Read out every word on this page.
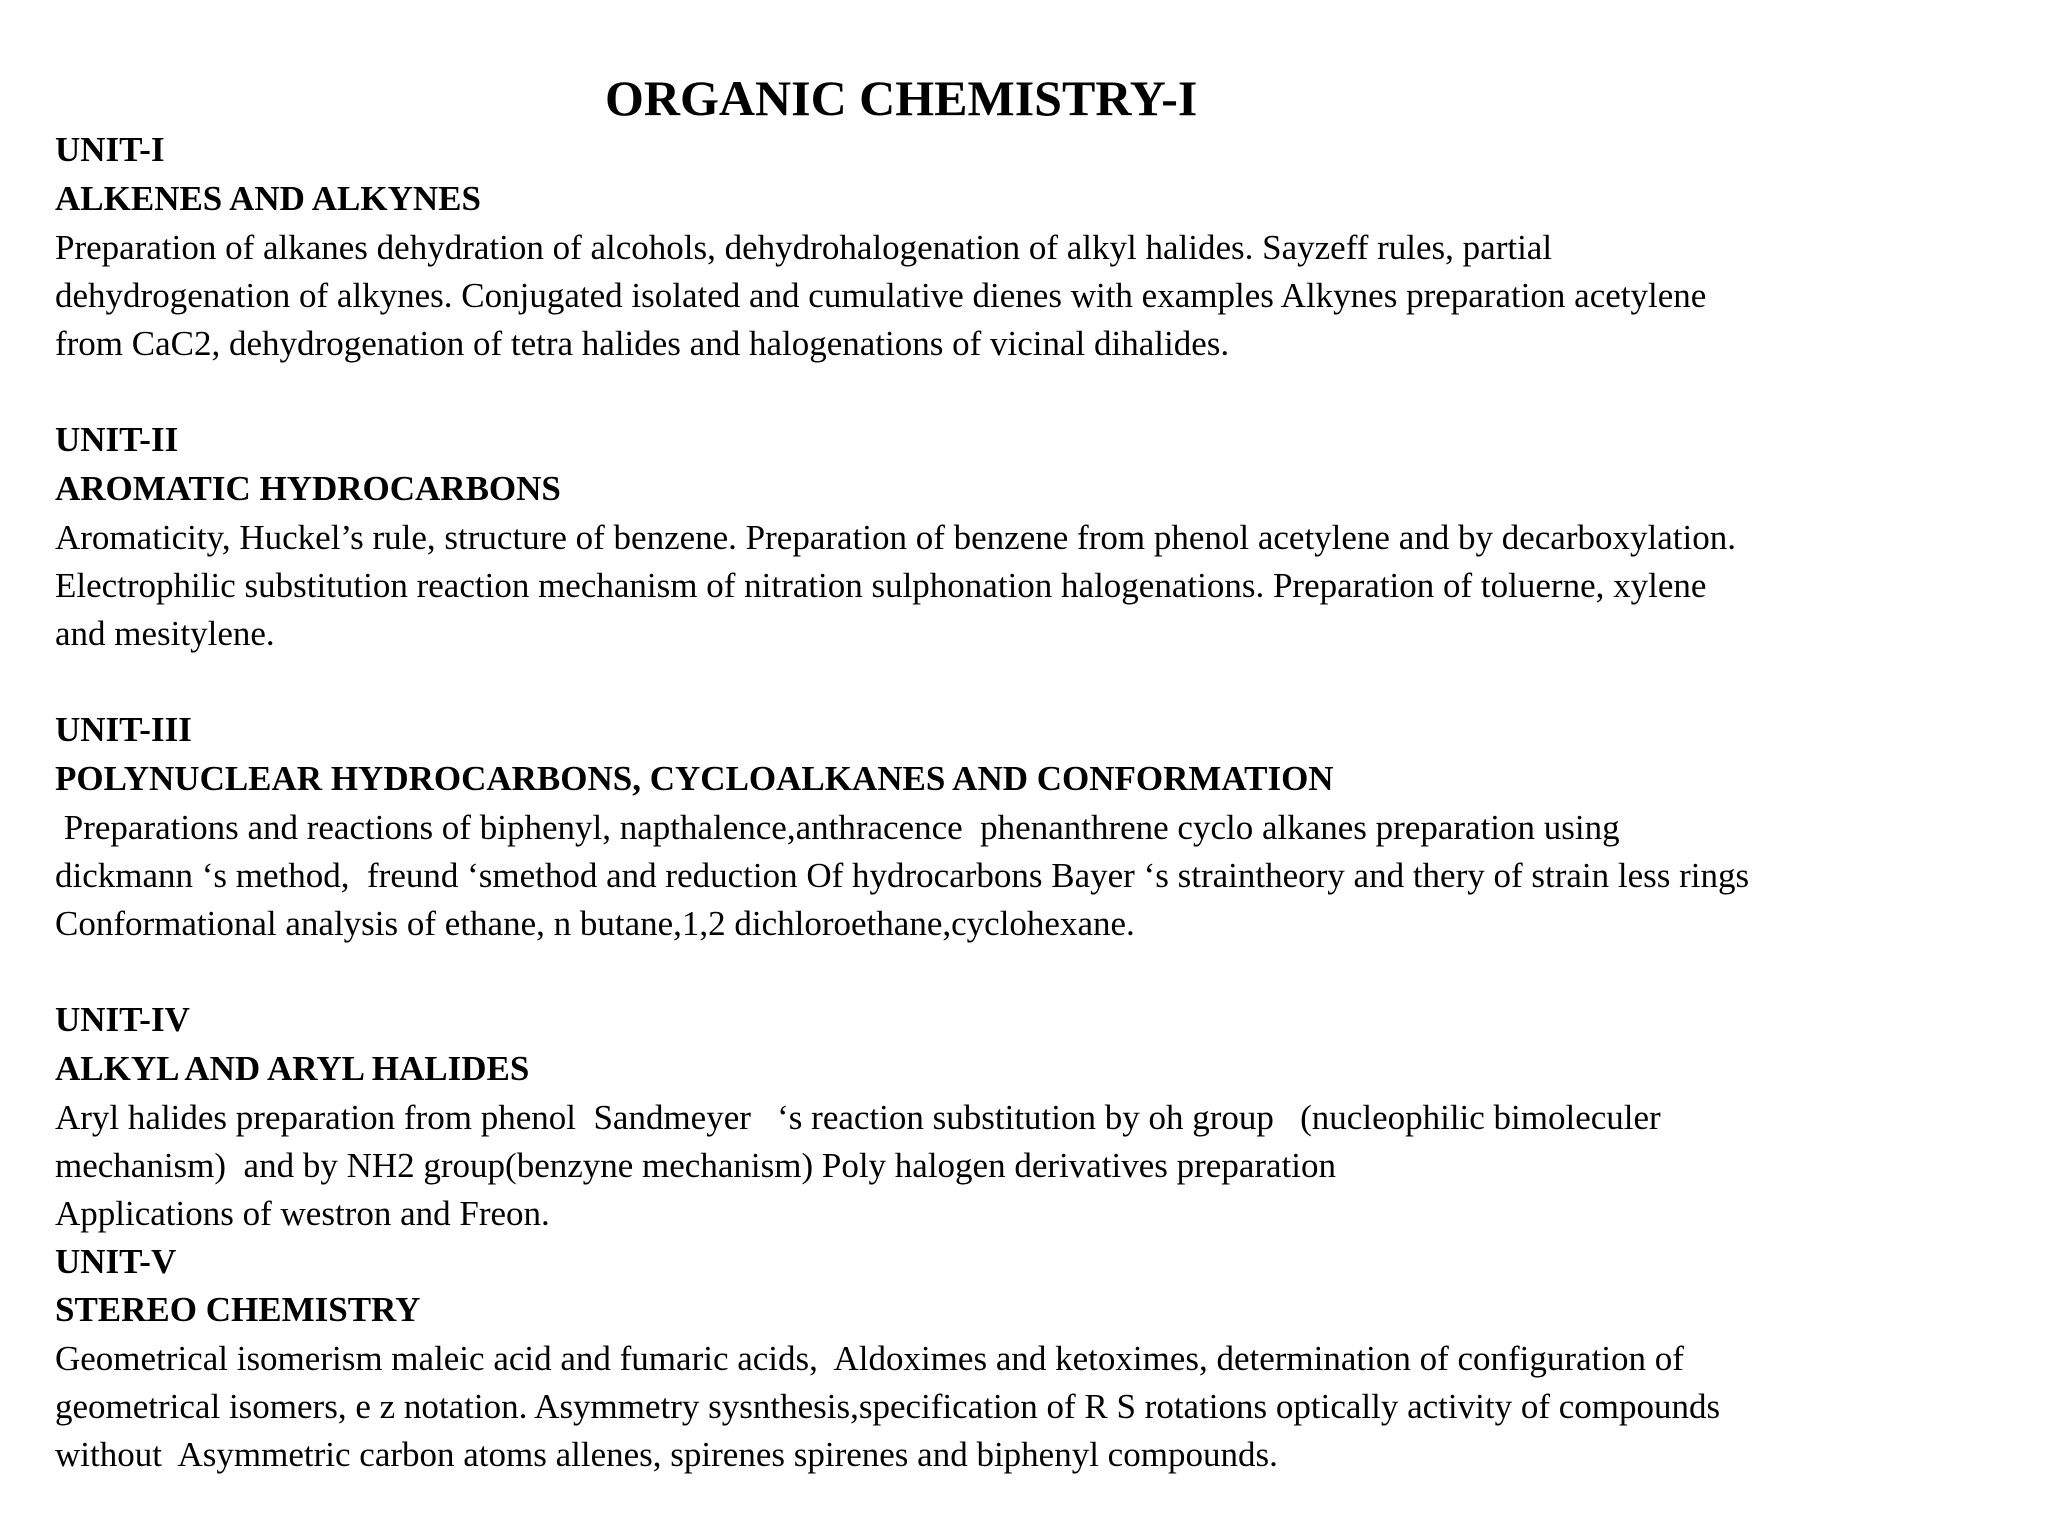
ORGANIC CHEMISTRY-I

UNIT-I

ALKENES AND ALKYNES

Preparation of alkanes dehydration of alcohols, dehydrohalogenation of alkyl halides. Sayzeff rules, partial

dehydrogenation of alkynes. Conjugated isolated and cumulative dienes with examples Alkynes preparation acetylene

from CaC2, dehydrogenation of tetra halides and halogenations of vicinal dihalides.

UNIT-II

AROMATIC HYDROCARBONS

Aromaticity, Huckel’s rule, structure of benzene. Preparation of benzene from phenol acetylene and by decarboxylation.

Electrophilic substitution reaction mechanism of nitration sulphonation halogenations. Preparation of toluerne, xylene

and mesitylene.

UNIT-III

POLYNUCLEAR HYDROCARBONS, CYCLOALKANES AND CONFORMATION

Preparations and reactions of biphenyl, napthalence,anthracence  phenanthrene cyclo alkanes preparation using

dickmann ‘s method,  freund ‘smethod and reduction Of hydrocarbons Bayer ‘s straintheory and thery of strain less rings

Conformational analysis of ethane, n butane,1,2 dichloroethane,cyclohexane.

UNIT-IV

ALKYL AND ARYL HALIDES

Aryl halides preparation from phenol  Sandmeyer   ‘s reaction substitution by oh group   (nucleophilic bimoleculer

mechanism)  and by NH2 group(benzyne mechanism) Poly halogen derivatives preparation

Applications of westron and Freon.

UNIT-V

STEREO CHEMISTRY

Geometrical isomerism maleic acid and fumaric acids,  Aldoximes and ketoximes, determination of configuration of

geometrical isomers, e z notation. Asymmetry sysnthesis,specification of R S rotations optically activity of compounds

without  Asymmetric carbon atoms allenes, spirenes spirenes and biphenyl compounds.
